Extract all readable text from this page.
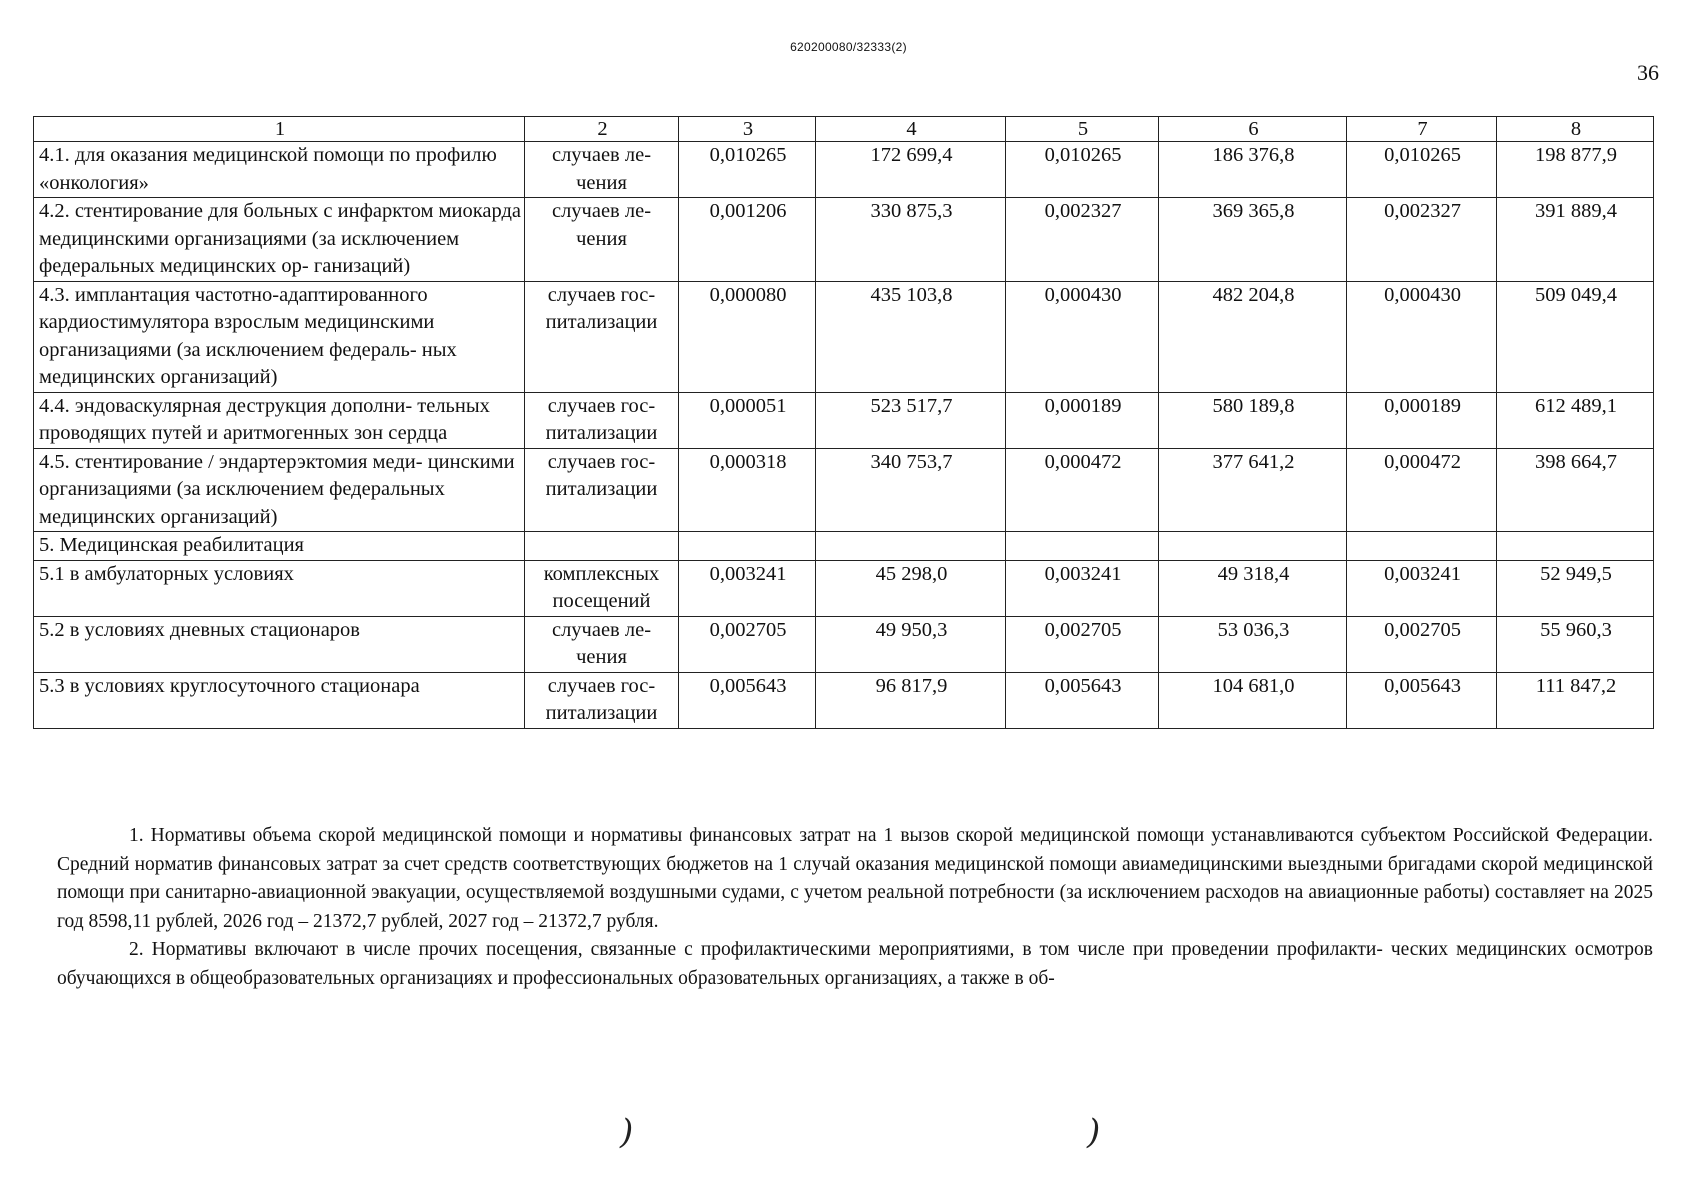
620200080/32333(2)
36
1	2	3	4	5	6	7	8
4.1. для оказания медицинской помощи по профилю «онкология»	случаев ле- чения	0,010265	172 699,4	0,010265	186 376,8	0,010265	198 877,9
4.2. стентирование для больных с инфарктом миокарда медицинскими организациями (за исключением федеральных медицинских ор- ганизаций)	случаев ле- чения	0,001206	330 875,3	0,002327	369 365,8	0,002327	391 889,4
4.3. имплантация частотно-адаптированного кардиостимулятора взрослым медицинскими организациями (за исключением федераль- ных медицинских организаций)	случаев гос- питализации	0,000080	435 103,8	0,000430	482 204,8	0,000430	509 049,4
4.4. эндоваскулярная деструкция дополни- тельных проводящих путей и аритмогенных зон сердца	случаев гос- питализации	0,000051	523 517,7	0,000189	580 189,8	0,000189	612 489,1
4.5. стентирование / эндартерэктомия меди- цинскими организациями (за исключением федеральных медицинских организаций)	случаев гос- питализации	0,000318	340 753,7	0,000472	377 641,2	0,000472	398 664,7
5. Медицинская реабилитация							
5.1 в амбулаторных условиях	комплексных посещений	0,003241	45 298,0	0,003241	49 318,4	0,003241	52 949,5
5.2 в условиях дневных стационаров	случаев ле- чения	0,002705	49 950,3	0,002705	53 036,3	0,002705	55 960,3
5.3 в условиях круглосуточного стационара	случаев гос- питализации	0,005643	96 817,9	0,005643	104 681,0	0,005643	111 847,2

1. Нормативы объема скорой медицинской помощи и нормативы финансовых затрат на 1 вызов скорой медицинской помощи устанавливаются субъектом Российской Федерации. Средний норматив финансовых затрат за счет средств соответствующих бюджетов на 1 случай оказания медицинской помощи авиамедицинскими выездными бригадами скорой медицинской помощи при санитарно-авиационной эвакуации, осуществляемой воздушными судами, с учетом реальной потребности (за исключением расходов на авиационные работы) составляет на 2025 год 8598,11 рублей, 2026 год – 21372,7 рублей, 2027 год – 21372,7 рубля.

2. Нормативы включают в числе прочих посещения, связанные с профилактическими мероприятиями, в том числе при проведении профилакти- ческих медицинских осмотров обучающихся в общеобразовательных организациях и профессиональных образовательных организациях, а также в об-

)	)
